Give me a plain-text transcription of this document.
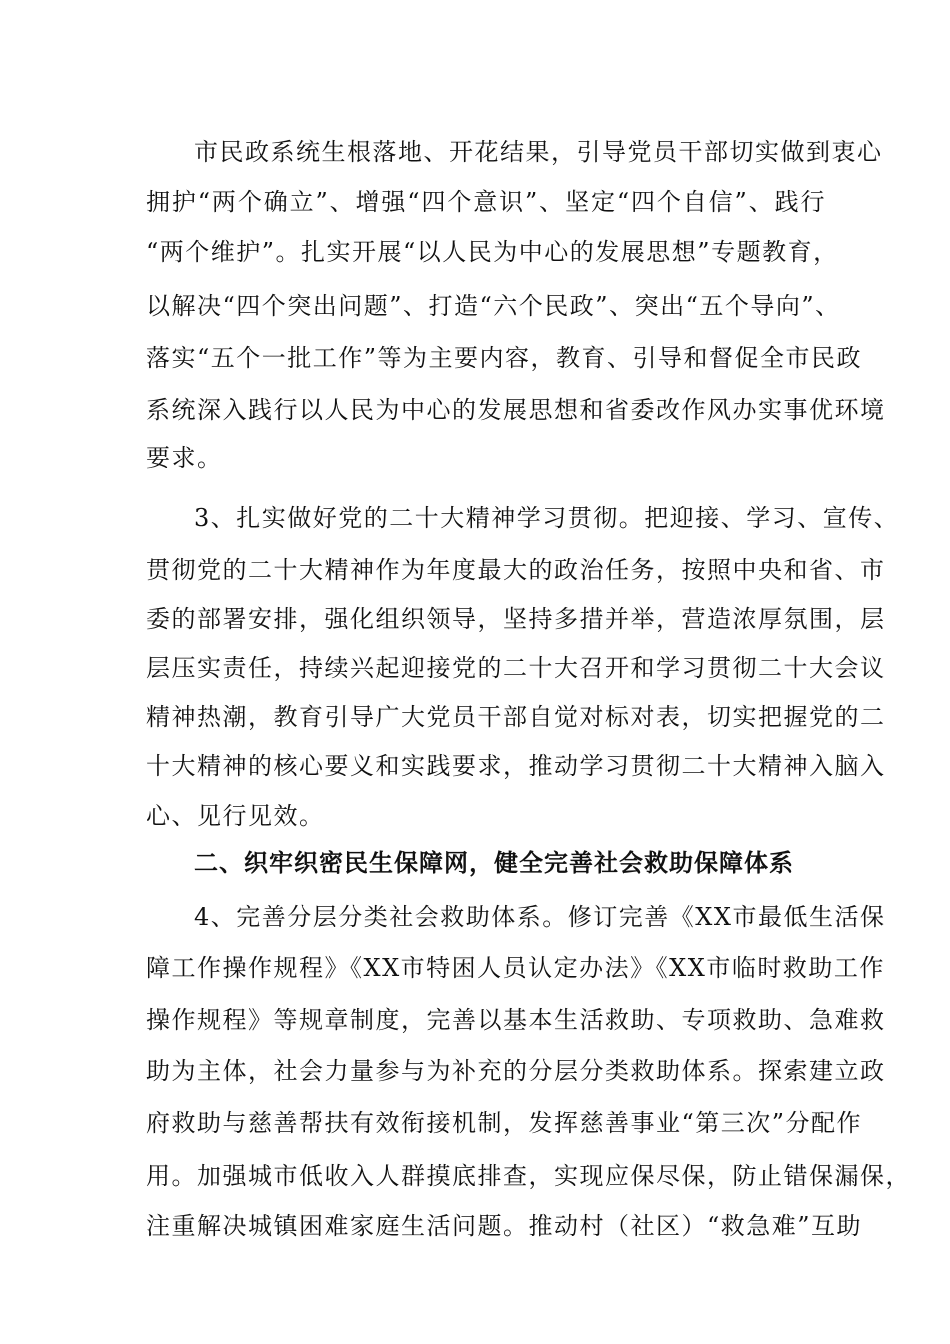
市民政系统生根落地、开花结果，引导党员干部切实做到衷心
拥护“两个确立”、增强“四个意识”、坚定“四个自信”、践行
“两个维护”。扎实开展“以人民为中心的发展思想”专题教育，
以解决“四个突出问题”、打造“六个民政”、突出“五个导向”、
落实“五个一批工作”等为主要内容，教育、引导和督促全市民政
系统深入践行以人民为中心的发展思想和省委改作风办实事优环境
要求。
3、扎实做好党的二十大精神学习贯彻。把迎接、学习、宣传、
贯彻党的二十大精神作为年度最大的政治任务，按照中央和省、市
委的部署安排，强化组织领导，坚持多措并举，营造浓厚氛围，层
层压实责任，持续兴起迎接党的二十大召开和学习贯彻二十大会议
精神热潮，教育引导广大党员干部自觉对标对表，切实把握党的二
十大精神的核心要义和实践要求，推动学习贯彻二十大精神入脑入
心、见行见效。
二、织牢织密民生保障网，健全完善社会救助保障体系
4、完善分层分类社会救助体系。修订完善《XX市最低生活保
障工作操作规程》《XX市特困人员认定办法》《XX市临时救助工作
操作规程》等规章制度，完善以基本生活救助、专项救助、急难救
助为主体，社会力量参与为补充的分层分类救助体系。探索建立政
府救助与慈善帮扶有效衔接机制，发挥慈善事业“第三次”分配作
用。加强城市低收入人群摸底排查，实现应保尽保，防止错保漏保，
注重解决城镇困难家庭生活问题。推动村（社区）“救急难”互助
